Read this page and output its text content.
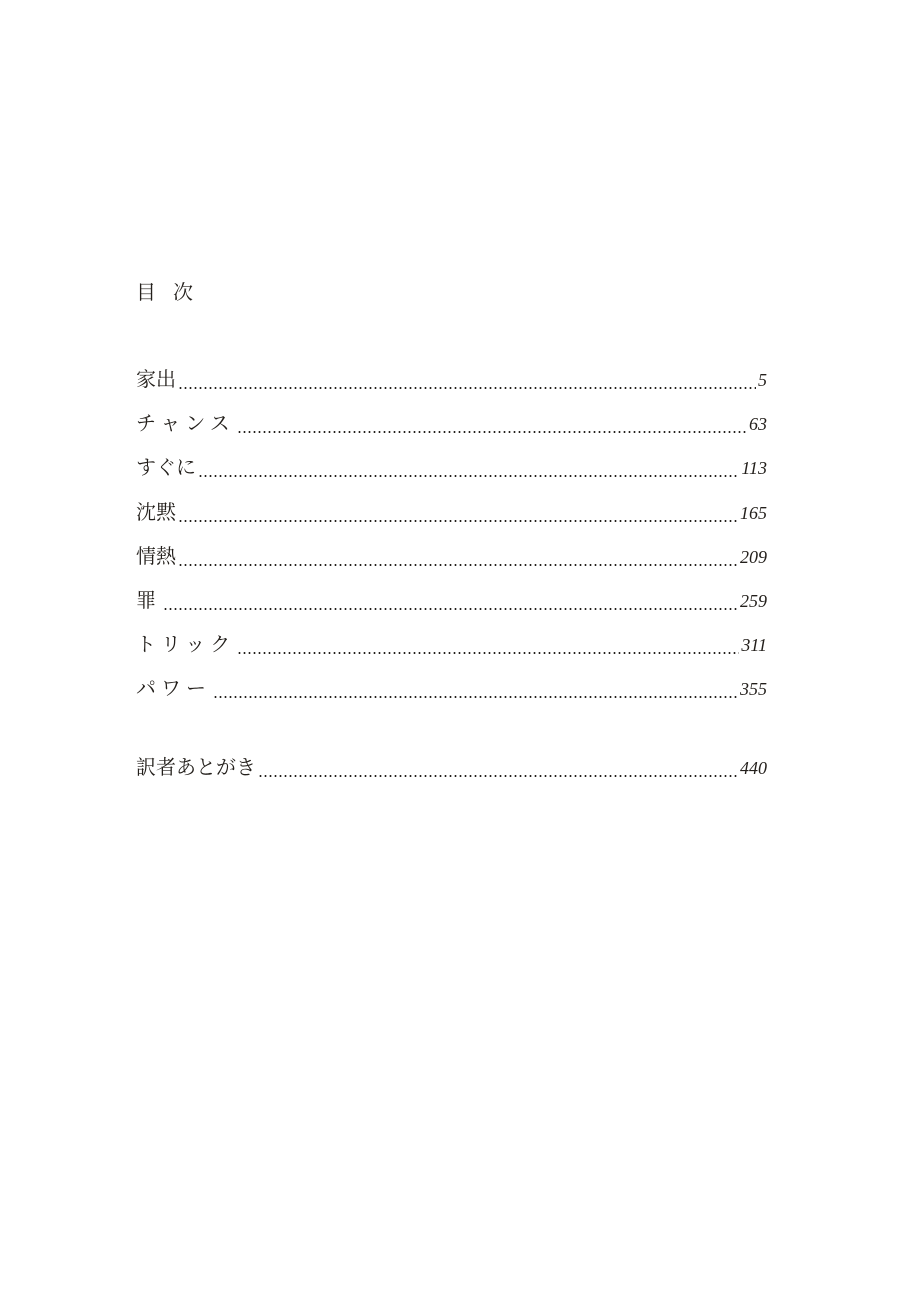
目次
家出	5
チャンス	63
すぐに	113
沈黙	165
情熱	209
罪	259
トリック	311
パワー	355
訳者あとがき	440
